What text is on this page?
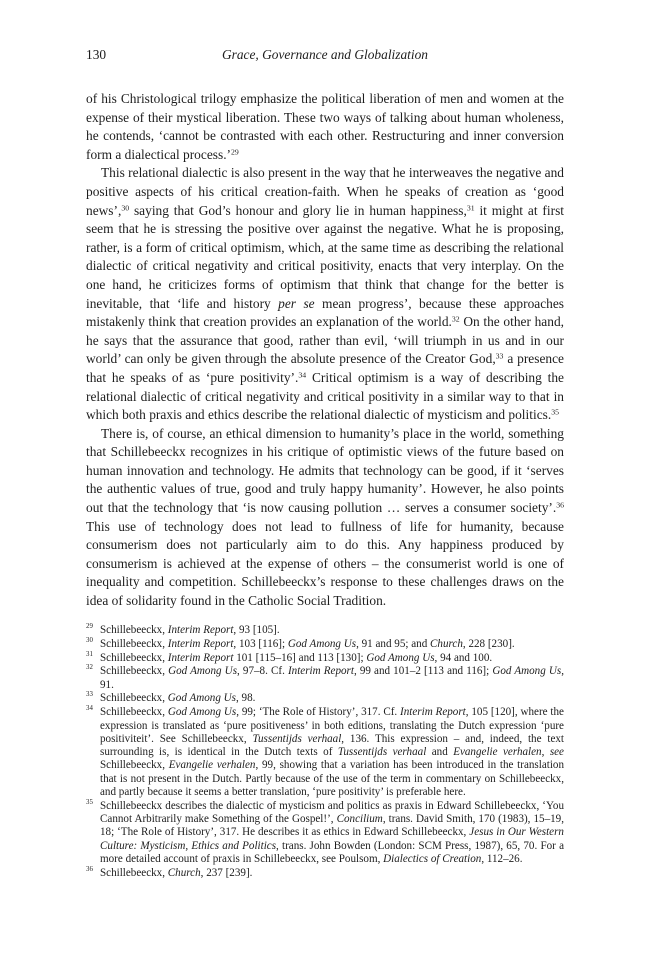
130	Grace, Governance and Globalization

of his Christological trilogy emphasize the political liberation of men and women at the expense of their mystical liberation. These two ways of talking about human wholeness, he contends, ‘cannot be contrasted with each other. Restructuring and inner conversion form a dialectical process.’$^{29}$

This relational dialectic is also present in the way that he interweaves the negative and positive aspects of his critical creation-faith. When he speaks of creation as ‘good news’,$^{30}$ saying that God’s honour and glory lie in human happiness,$^{31}$ it might at first seem that he is stressing the positive over against the negative. What he is proposing, rather, is a form of critical optimism, which, at the same time as describing the relational dialectic of critical negativity and critical positivity, enacts that very interplay. On the one hand, he criticizes forms of optimism that think that change for the better is inevitable, that ‘life and history per se mean progress’, because these approaches mistakenly think that creation provides an explanation of the world.$^{32}$ On the other hand, he says that the assurance that good, rather than evil, ‘will triumph in us and in our world’ can only be given through the absolute presence of the Creator God,$^{33}$ a presence that he speaks of as ‘pure positivity’.$^{34}$ Critical optimism is a way of describing the relational dialectic of critical negativity and critical positivity in a similar way to that in which both praxis and ethics describe the relational dialectic of mysticism and politics.$^{35}$

There is, of course, an ethical dimension to humanity’s place in the world, something that Schillebeeckx recognizes in his critique of optimistic views of the future based on human innovation and technology. He admits that technology can be good, if it ‘serves the authentic values of true, good and truly happy humanity’. However, he also points out that the technology that ‘is now causing pollution … serves a consumer society’.$^{36}$ This use of technology does not lead to fullness of life for humanity, because consumerism does not particularly aim to do this. Any happiness produced by consumerism is achieved at the expense of others – the consumerist world is one of inequality and competition. Schillebeeckx’s response to these challenges draws on the idea of solidarity found in the Catholic Social Tradition.

29 Schillebeeckx, Interim Report, 93 [105].
30 Schillebeeckx, Interim Report, 103 [116]; God Among Us, 91 and 95; and Church, 228 [230].
31 Schillebeeckx, Interim Report 101 [115–16] and 113 [130]; God Among Us, 94 and 100.
32 Schillebeeckx, God Among Us, 97–8. Cf. Interim Report, 99 and 101–2 [113 and 116]; God Among Us, 91.
33 Schillebeeckx, God Among Us, 98.
34 Schillebeeckx, God Among Us, 99; ‘The Role of History’, 317. Cf. Interim Report, 105 [120], where the expression is translated as ‘pure positiveness’ in both editions, translating the Dutch expression ‘pure positiviteit’. See Schillebeeckx, Tussentijds verhaal, 136. This expression – and, indeed, the text surrounding is, is identical in the Dutch texts of Tussentijds verhaal and Evangelie verhalen, see Schillebeeckx, Evangelie verhalen, 99, showing that a variation has been introduced in the translation that is not present in the Dutch. Partly because of the use of the term in commentary on Schillebeeckx, and partly because it seems a better translation, ‘pure positivity’ is preferable here.
35 Schillebeeckx describes the dialectic of mysticism and politics as praxis in Edward Schillebeeckx, ‘You Cannot Arbitrarily make Something of the Gospel!’, Concilium, trans. David Smith, 170 (1983), 15–19, 18; ‘The Role of History’, 317. He describes it as ethics in Edward Schillebeeckx, Jesus in Our Western Culture: Mysticism, Ethics and Politics, trans. John Bowden (London: SCM Press, 1987), 65, 70. For a more detailed account of praxis in Schillebeeckx, see Poulsom, Dialectics of Creation, 112–26.
36 Schillebeeckx, Church, 237 [239].
